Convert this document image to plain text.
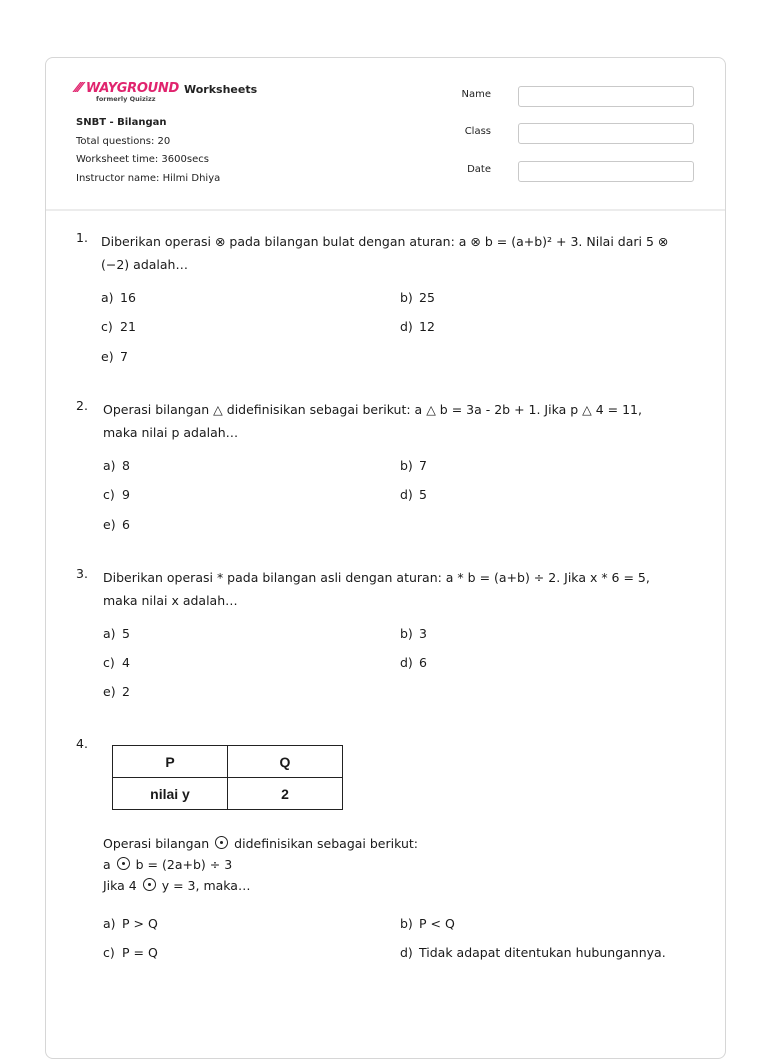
⁄⁄⁄ WAYGROUND
formerly Quizizz
Worksheets
SNBT - Bilangan
Total questions: 20
Worksheet time: 3600secs
Instructor name: Hilmi Dhiya
Name
Class
Date
1. Diberikan operasi ⊗ pada bilangan bulat dengan aturan: a ⊗ b = (a+b)² + 3. Nilai dari 5 ⊗ (−2) adalah…
a) 16	b) 25
c) 21	d) 12
e) 7
2. Operasi bilangan △ didefinisikan sebagai berikut: a △ b = 3a - 2b + 1. Jika p △ 4 = 11, maka nilai p adalah…
a) 8	b) 7
c) 9	d) 5
e) 6
3. Diberikan operasi * pada bilangan asli dengan aturan: a * b = (a+b) ÷ 2. Jika x * 6 = 5, maka nilai x adalah…
a) 5	b) 3
c) 4	d) 6
e) 2
4.
P	Q
nilai y	2
Operasi bilangan didefinisikan sebagai berikut:
a b = (2a+b) ÷ 3
Jika 4 y = 3, maka…
a) P > Q	b) P < Q
c) P = Q	d) Tidak adapat ditentukan hubungannya.
